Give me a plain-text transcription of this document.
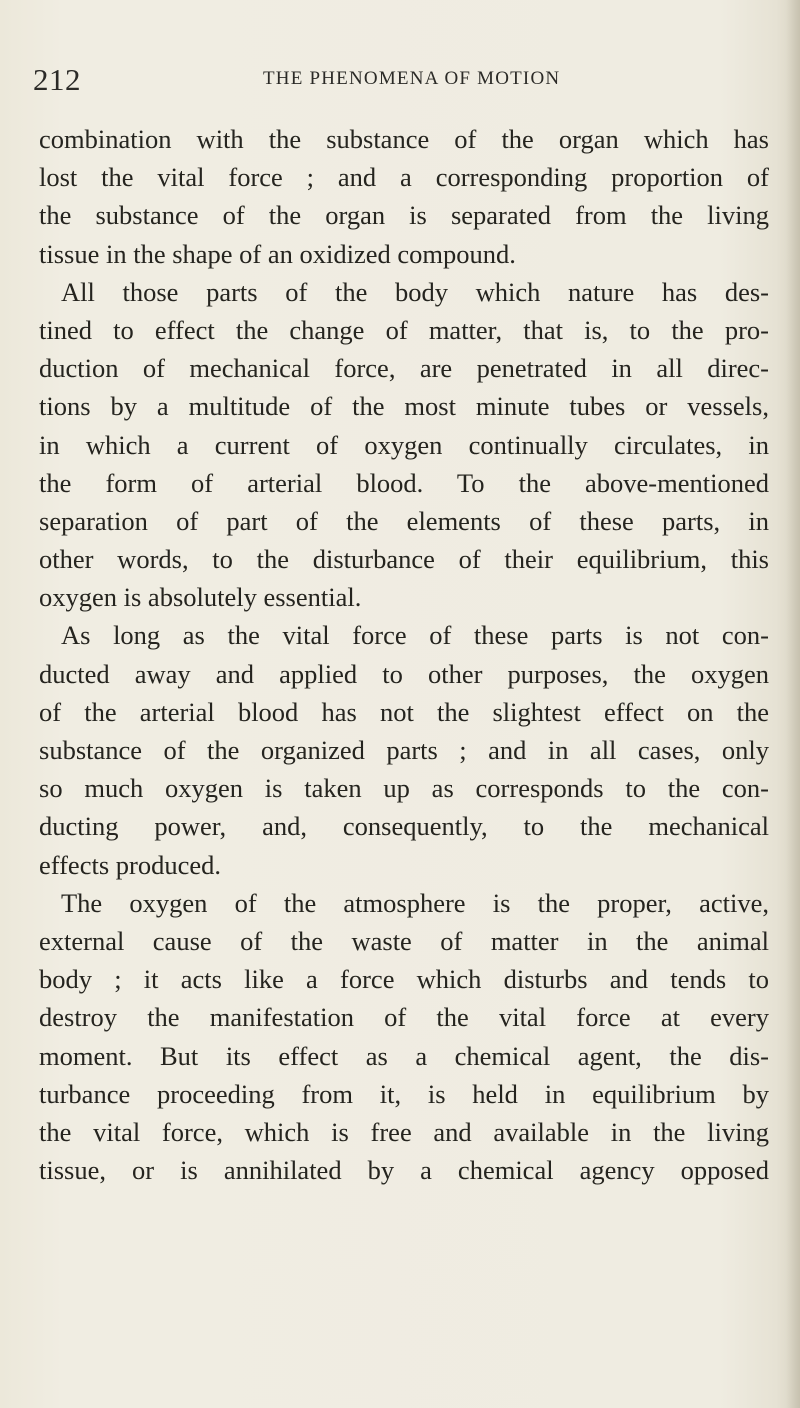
212	THE PHENOMENA OF MOTION
combination with the substance of the organ which has
lost the vital force ; and a corresponding proportion of
the substance of the organ is separated from the living
tissue in the shape of an oxidized compound.
All those parts of the body which nature has des-
tined to effect the change of matter, that is, to the pro-
duction of mechanical force, are penetrated in all direc-
tions by a multitude of the most minute tubes or vessels,
in which a current of oxygen continually circulates, in
the form of arterial blood. To the above-mentioned
separation of part of the elements of these parts, in
other words, to the disturbance of their equilibrium, this
oxygen is absolutely essential.
As long as the vital force of these parts is not con-
ducted away and applied to other purposes, the oxygen
of the arterial blood has not the slightest effect on the
substance of the organized parts ; and in all cases, only
so much oxygen is taken up as corresponds to the con-
ducting power, and, consequently, to the mechanical
effects produced.
The oxygen of the atmosphere is the proper, active,
external cause of the waste of matter in the animal
body ; it acts like a force which disturbs and tends to
destroy the manifestation of the vital force at every
moment. But its effect as a chemical agent, the dis-
turbance proceeding from it, is held in equilibrium by
the vital force, which is free and available in the living
tissue, or is annihilated by a chemical agency opposed
